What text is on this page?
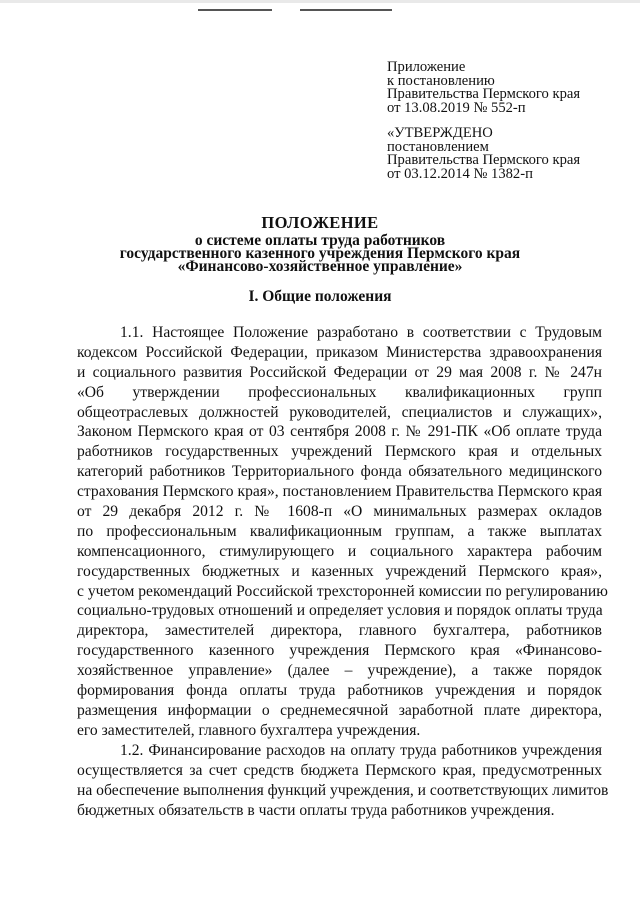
Приложение
к постановлению
Правительства Пермского края
от 13.08.2019 № 552-п
«УТВЕРЖДЕНО
постановлением
Правительства Пермского края
от 03.12.2014 № 1382-п
ПОЛОЖЕНИЕ
о системе оплаты труда работников
государственного казенного учреждения Пермского края
«Финансово-хозяйственное управление»
I. Общие положения
1.1. Настоящее Положение разработано в соответствии с Трудовым
кодексом Российской Федерации, приказом Министерства здравоохранения
и социального развития Российской Федерации от 29 мая 2008 г. № 247н
«Об утверждении профессиональных квалификационных групп
общеотраслевых должностей руководителей, специалистов и служащих»,
Законом Пермского края от 03 сентября 2008 г. № 291-ПК «Об оплате труда
работников государственных учреждений Пермского края и отдельных
категорий работников Территориального фонда обязательного медицинского
страхования Пермского края», постановлением Правительства Пермского края
от 29 декабря 2012 г. № 1608-п «О минимальных размерах окладов
по профессиональным квалификационным группам, а также выплатах
компенсационного, стимулирующего и социального характера рабочим
государственных бюджетных и казенных учреждений Пермского края»,
с учетом рекомендаций Российской трехсторонней комиссии по регулированию
социально-трудовых отношений и определяет условия и порядок оплаты труда
директора, заместителей директора, главного бухгалтера, работников
государственного казенного учреждения Пермского края «Финансово-
хозяйственное управление» (далее – учреждение), а также порядок
формирования фонда оплаты труда работников учреждения и порядок
размещения информации о среднемесячной заработной плате директора,
его заместителей, главного бухгалтера учреждения.
1.2. Финансирование расходов на оплату труда работников учреждения
осуществляется за счет средств бюджета Пермского края, предусмотренных
на обеспечение выполнения функций учреждения, и соответствующих лимитов
бюджетных обязательств в части оплаты труда работников учреждения.
